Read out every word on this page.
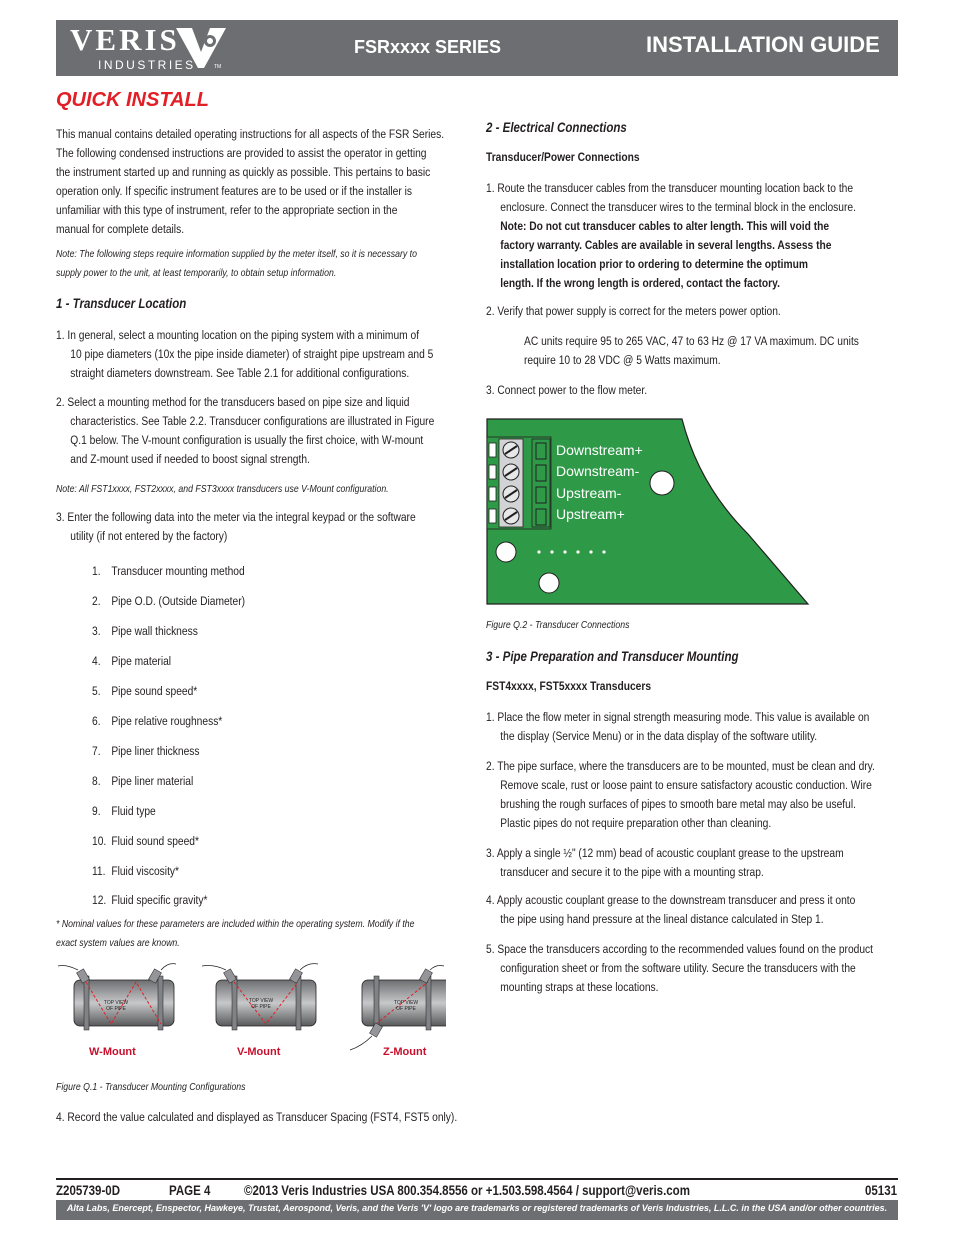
VERIS
INDUSTRIES	TM
FSRxxxx SERIES	INSTALLATION GUIDE
QUICK INSTALL
This manual contains detailed operating instructions for all aspects of the FSR Series.
The following condensed instructions are provided to assist the operator in getting
the instrument started up and running as quickly as possible. This pertains to basic
operation only. If specific instrument features are to be used or if the installer is
unfamiliar with this type of instrument, refer to the appropriate section in the
manual for complete details.
Note: The following steps require information supplied by the meter itself, so it is necessary to
supply power to the unit, at least temporarily, to obtain setup information.
1 - Transducer Location
1. In general, select a mounting location on the piping system with a minimum of
10 pipe diameters (10x the pipe inside diameter) of straight pipe upstream and 5
straight diameters downstream. See Table 2.1 for additional configurations.
2. Select a mounting method for the transducers based on pipe size and liquid
characteristics. See Table 2.2. Transducer configurations are illustrated in Figure
Q.1 below. The V-mount configuration is usually the first choice, with W-mount
and Z-mount used if needed to boost signal strength.
Note: All FST1xxxx, FST2xxxx, and FST3xxxx transducers use V-Mount configuration.
3. Enter the following data into the meter via the integral keypad or the software
utility (if not entered by the factory)
1. Transducer mounting method
2. Pipe O.D. (Outside Diameter)
3. Pipe wall thickness
4. Pipe material
5. Pipe sound speed*
6. Pipe relative roughness*
7. Pipe liner thickness
8. Pipe liner material
9. Fluid type
10. Fluid sound speed*
11. Fluid viscosity*
12. Fluid specific gravity*
* Nominal values for these parameters are included within the operating system. Modify if the
exact system values are known.
TOP VIEW
OF PIPE
TOP VIEW
OF PIPE
TOP VIEW
OF PIPE
W-Mount	V-Mount	Z-Mount
Figure Q.1 - Transducer Mounting Configurations
4. Record the value calculated and displayed as Transducer Spacing (FST4, FST5 only).
2 - Electrical Connections
Transducer/Power Connections
1. Route the transducer cables from the transducer mounting location back to the
enclosure. Connect the transducer wires to the terminal block in the enclosure.
Note: Do not cut transducer cables to alter length. This will void the
factory warranty. Cables are available in several lengths. Assess the
installation location prior to ordering to determine the optimum
length. If the wrong length is ordered, contact the factory.
2. Verify that power supply is correct for the meters power option.
AC units require 95 to 265 VAC, 47 to 63 Hz @ 17 VA maximum. DC units
require 10 to 28 VDC @ 5 Watts maximum.
3. Connect power to the flow meter.
Downstream+
Downstream-
Upstream-
Upstream+
Figure Q.2 - Transducer Connections
3 - Pipe Preparation and Transducer Mounting
FST4xxxx, FST5xxxx Transducers
1. Place the flow meter in signal strength measuring mode. This value is available on
the display (Service Menu) or in the data display of the software utility.
2. The pipe surface, where the transducers are to be mounted, must be clean and dry.
Remove scale, rust or loose paint to ensure satisfactory acoustic conduction. Wire
brushing the rough surfaces of pipes to smooth bare metal may also be useful.
Plastic pipes do not require preparation other than cleaning.
3. Apply a single ½" (12 mm) bead of acoustic couplant grease to the upstream
transducer and secure it to the pipe with a mounting strap.
4. Apply acoustic couplant grease to the downstream transducer and press it onto
the pipe using hand pressure at the lineal distance calculated in Step 1.
5. Space the transducers according to the recommended values found on the product
configuration sheet or from the software utility. Secure the transducers with the
mounting straps at these locations.
Z205739-0D	PAGE 4	©2013 Veris Industries USA 800.354.8556 or +1.503.598.4564 / support@veris.com	05131
Alta Labs, Enercept, Enspector, Hawkeye, Trustat, Aerospond, Veris, and the Veris 'V' logo are trademarks or registered trademarks of Veris Industries, L.L.C. in the USA and/or other countries.
